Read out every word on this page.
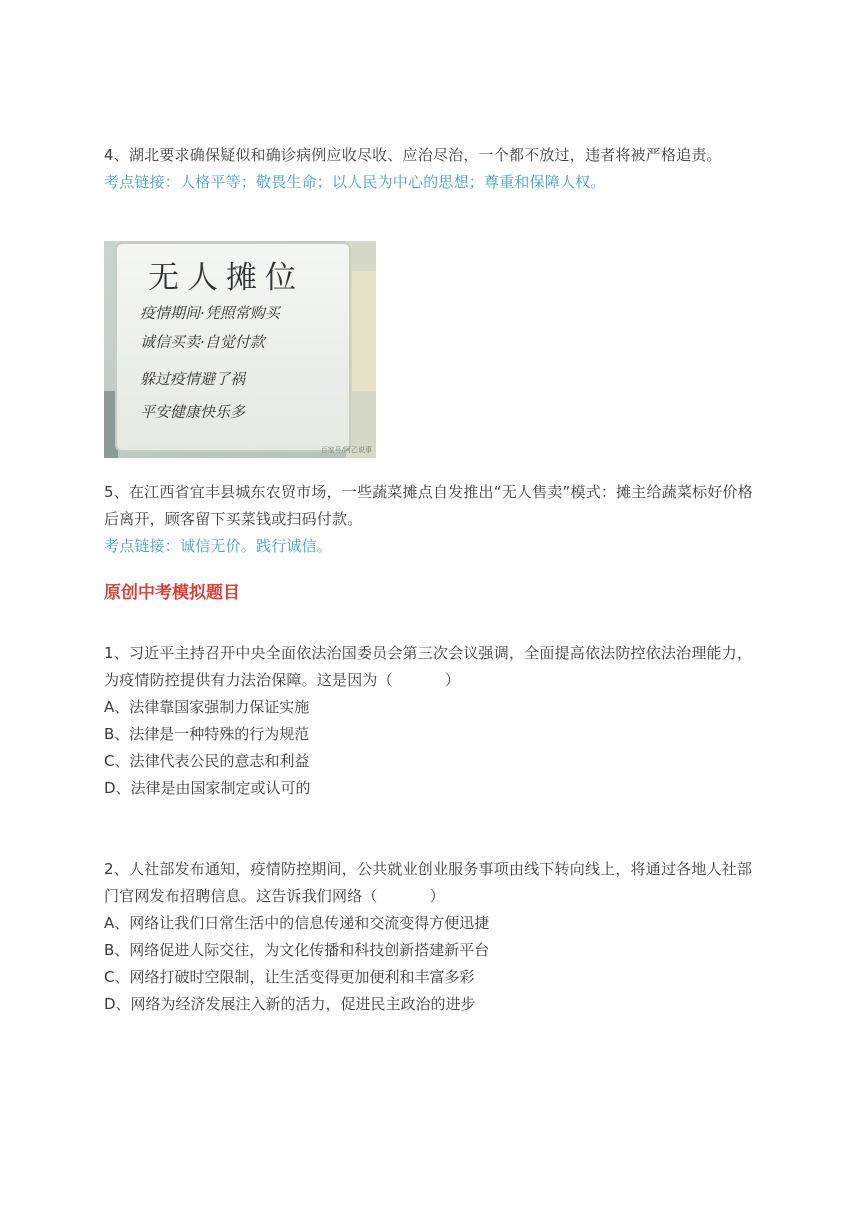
4、湖北要求确保疑似和确诊病例应收尽收、应治尽治，一个都不放过，违者将被严格追责。

考点链接：人格平等；敬畏生命；以人民为中心的思想；尊重和保障人权。

无人摊位
疫情期间·凭照常购买
诚信买卖·自觉付款
躲过疫情避了祸
平安健康快乐多
百家号/阿乙说事

5、在江西省宜丰县城东农贸市场，一些蔬菜摊点自发推出“无人售卖”模式：摊主给蔬菜标好价格后离开，顾客留下买菜钱或扫码付款。

考点链接：诚信无价。践行诚信。

原创中考模拟题目

1、习近平主持召开中央全面依法治国委员会第三次会议强调，全面提高依法防控依法治理能力，为疫情防控提供有力法治保障。这是因为（	）

A、法律靠国家强制力保证实施

B、法律是一种特殊的行为规范

C、法律代表公民的意志和利益

D、法律是由国家制定或认可的

2、人社部发布通知，疫情防控期间，公共就业创业服务事项由线下转向线上，将通过各地人社部门官网发布招聘信息。这告诉我们网络（	）

A、网络让我们日常生活中的信息传递和交流变得方便迅捷

B、网络促进人际交往，为文化传播和科技创新搭建新平台

C、网络打破时空限制，让生活变得更加便利和丰富多彩

D、网络为经济发展注入新的活力，促进民主政治的进步
